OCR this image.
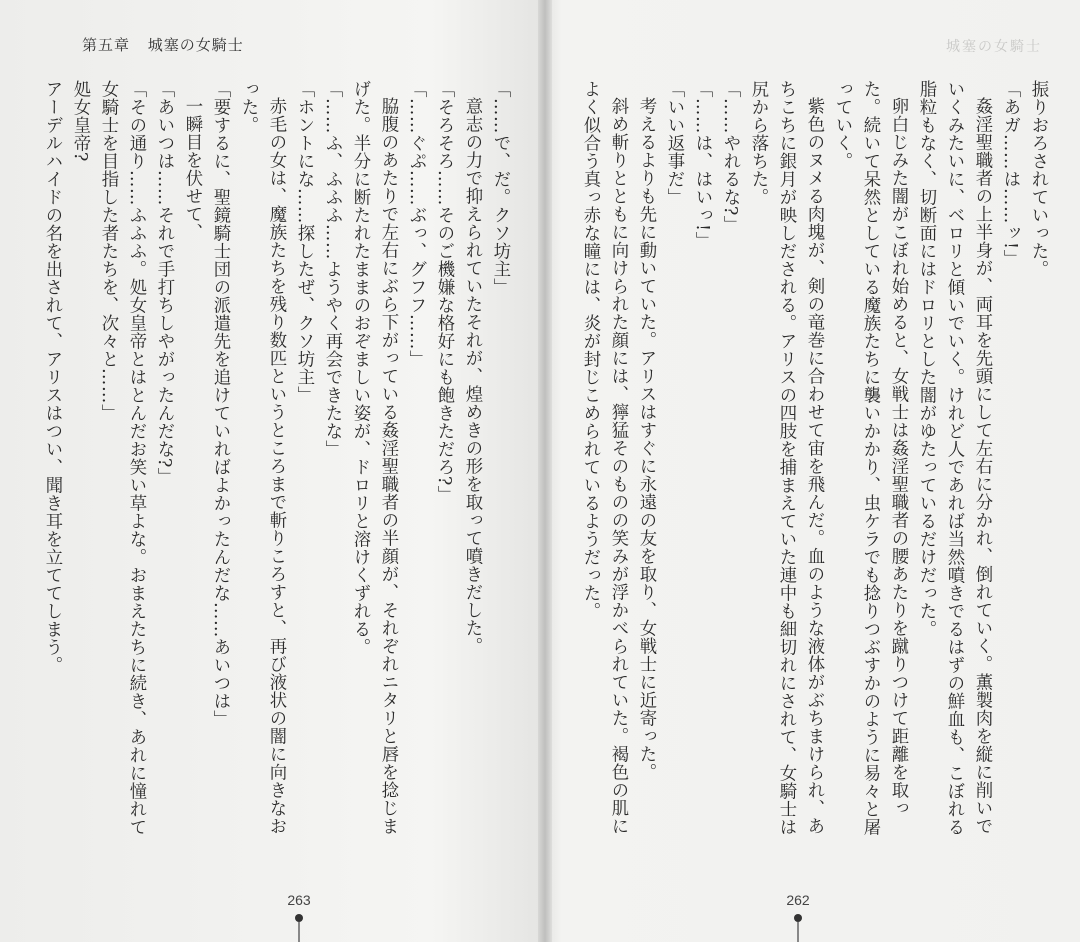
第五章 城塞の女騎士

「……で、だ。クソ坊主」

意志の力で抑えられていたそれが、煌めきの形を取って噴きだした。

「そろそろ……そのご機嫌な格好にも飽きただろ?」

「……ぐぷ……ぶっ、グフフ……」

脇腹のあたりで左右にぶら下がっている姦淫聖職者の半顔が、それぞれニタリと唇を捻じまげた。半分に断たれたままのおぞましい姿が、ドロリと溶けくずれる。

「……ふ、ふふふ……ようやく再会できたな」

「ホントにな……探したぜ、クソ坊主」

赤毛の女は、魔族たちを残り数匹というところまで斬りころすと、再び液状の闇に向きなおった。

「要するに、聖鏡騎士団の派遣先を追けていればよかったんだな……あいつは」

一瞬目を伏せて、

「あいつは……それで手打ちしやがったんだな?」

「その通り……ふふふ。処女皇帝とはとんだお笑い草よな。おまえたちに続き、あれに憧れて女騎士を目指した者たちを、次々と……」

処女皇帝?

アーデルハイドの名を出されて、アリスはつい、聞き耳を立ててしまう。

263
城塞の女騎士

振りおろされていった。

「あガ……は……ッ!」

姦淫聖職者の上半身が、両耳を先頭にして左右に分かれ、倒れていく。薫製肉を縦に削いでいくみたいに、ベロリと傾いでいく。けれど人であれば当然噴きでるはずの鮮血も、こぼれる脂粒もなく、切断面にはドロリとした闇がゆたっているだけだった。

卵白じみた闇がこぼれ始めると、女戦士は姦淫聖職者の腰あたりを蹴りつけて距離を取った。続いて呆然としている魔族たちに襲いかかり、虫ケラでも捻りつぶすかのように易々と屠っていく。

紫色のヌメる肉塊が、剣の竜巻に合わせて宙を飛んだ。血のような液体がぶちまけられ、あちこちに銀月が映しだされる。アリスの四肢を捕まえていた連中も細切れにされて、女騎士は尻から落ちた。

「……やれるな?」

「……は、はいっ!」

「いい返事だ」

考えるよりも先に動いていた。アリスはすぐに永遠の友を取り、女戦士に近寄った。

斜め斬りとともに向けられた顔には、獰猛そのものの笑みが浮かべられていた。褐色の肌によく似合う真っ赤な瞳には、炎が封じこめられているようだった。

262
